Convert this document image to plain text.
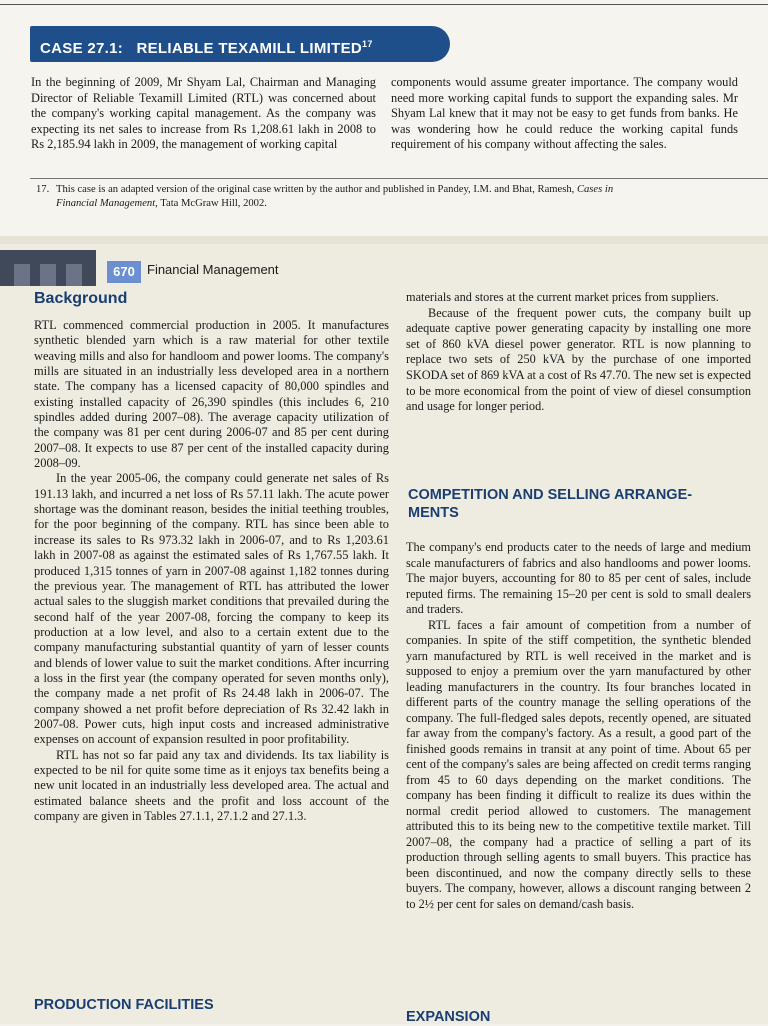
CASE 27.1: RELIABLE TEXAMILL LIMITED$^{17}$

In the beginning of 2009, Mr Shyam Lal, Chairman and Managing Director of Reliable Texamill Limited (RTL) was concerned about the company's working capital management. As the company was expecting its net sales to increase from Rs 1,208.61 lakh in 2008 to Rs 2,185.94 lakh in 2009, the management of working capital

components would assume greater importance. The company would need more working capital funds to support the expanding sales. Mr Shyam Lal knew that it may not be easy to get funds from banks. He was wondering how he could reduce the working capital funds requirement of his company without affecting the sales.

17. This case is an adapted version of the original case written by the author and published in Pandey, I.M. and Bhat, Ramesh, Cases in
Financial Management, Tata McGraw Hill, 2002.
670 Financial Management
Background

RTL commenced commercial production in 2005. It manufactures synthetic blended yarn which is a raw material for other textile weaving mills and also for handloom and power looms. The company's mills are situated in an industrially less developed area in a northern state. The company has a licensed capacity of 80,000 spindles and existing installed capacity of 26,390 spindles (this includes 6, 210 spindles added during 2007–08). The average capacity utilization of the company was 81 per cent during 2006-07 and 85 per cent during 2007–08. It expects to use 87 per cent of the installed capacity during 2008–09.

In the year 2005-06, the company could generate net sales of Rs 191.13 lakh, and incurred a net loss of Rs 57.11 lakh. The acute power shortage was the dominant reason, besides the initial teething troubles, for the poor beginning of the company. RTL has since been able to increase its sales to Rs 973.32 lakh in 2006-07, and to Rs 1,203.61 lakh in 2007-08 as against the estimated sales of Rs 1,767.55 lakh. It produced 1,315 tonnes of yarn in 2007-08 against 1,182 tonnes during the previous year. The management of RTL has attributed the lower actual sales to the sluggish market conditions that prevailed during the second half of the year 2007-08, forcing the company to keep its production at a low level, and also to a certain extent due to the company manufacturing substantial quantity of yarn of lesser counts and blends of lower value to suit the market conditions. After incurring a loss in the first year (the company operated for seven months only), the company made a net profit of Rs 24.48 lakh in 2006-07. The company showed a net profit before depreciation of Rs 32.42 lakh in 2007-08. Power cuts, high input costs and increased administrative expenses on account of expansion resulted in poor profitability.

RTL has not so far paid any tax and dividends. Its tax liability is expected to be nil for quite some time as it enjoys tax benefits being a new unit located in an industrially less developed area. The actual and estimated balance sheets and the profit and loss account of the company are given in Tables 27.1.1, 27.1.2 and 27.1.3.

PRODUCTION FACILITIES

materials and stores at the current market prices from suppliers.

Because of the frequent power cuts, the company built up adequate captive power generating capacity by installing one more set of 860 kVA diesel power generator. RTL is now planning to replace two sets of 250 kVA by the purchase of one imported SKODA set of 869 kVA at a cost of Rs 47.70. The new set is expected to be more economical from the point of view of diesel consumption and usage for longer period.

COMPETITION AND SELLING ARRANGE-MENTS

The company's end products cater to the needs of large and medium scale manufacturers of fabrics and also handlooms and power looms. The major buyers, accounting for 80 to 85 per cent of sales, include reputed firms. The remaining 15–20 per cent is sold to small dealers and traders.

RTL faces a fair amount of competition from a number of companies. In spite of the stiff competition, the synthetic blended yarn manufactured by RTL is well received in the market and is supposed to enjoy a premium over the yarn manufactured by other leading manufacturers in the country. Its four branches located in different parts of the country manage the selling operations of the company. The full-fledged sales depots, recently opened, are situated far away from the company's factory. As a result, a good part of the finished goods remains in transit at any point of time. About 65 per cent of the company's sales are being affected on credit terms ranging from 45 to 60 days depending on the market conditions. The company has been finding it difficult to realize its dues within the normal credit period allowed to customers. The management attributed this to its being new to the competitive textile market. Till 2007–08, the company had a practice of selling a part of its production through selling agents to small buyers. This practice has been discontinued, and now the company directly sells to these buyers. The company, however, allows a discount ranging between 2 to 2½ per cent for sales on demand/cash basis.

EXPANSION
